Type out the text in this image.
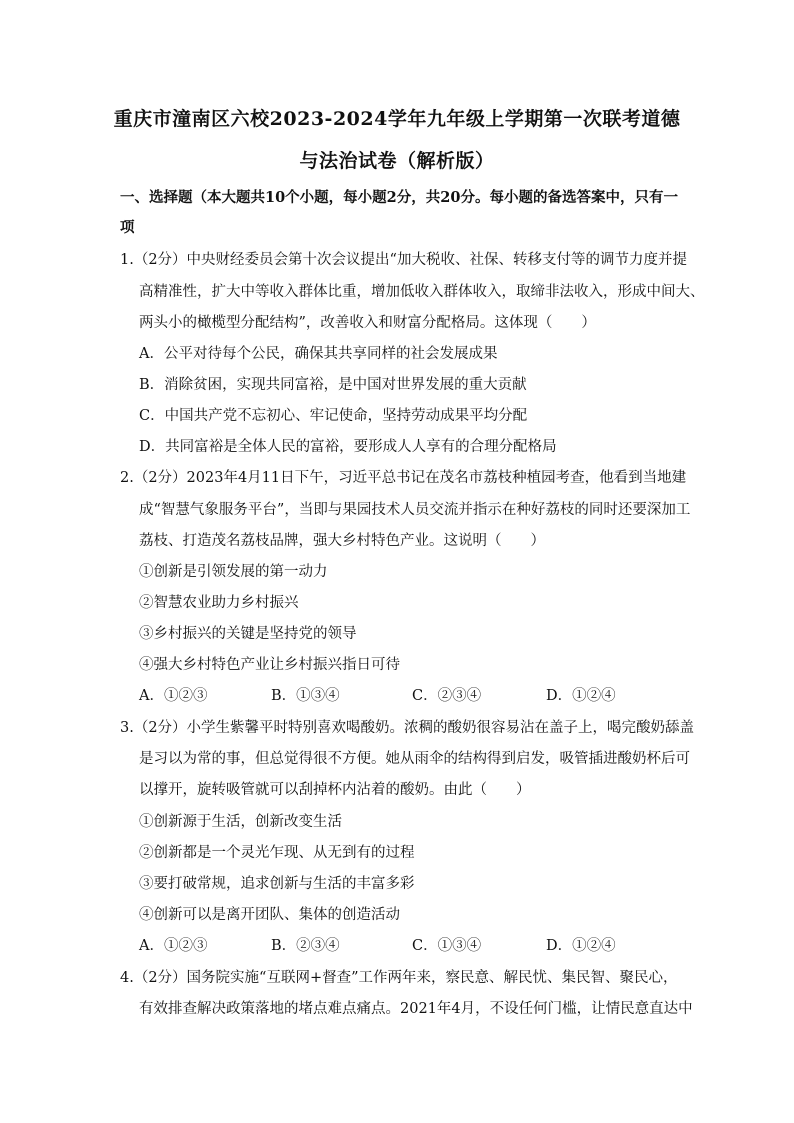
重庆市潼南区六校2023-2024学年九年级上学期第一次联考道德
与法治试卷（解析版）
一、选择题（本大题共10个小题，每小题2分，共20分。每小题的备选答案中，只有一
项
1.（2分）中央财经委员会第十次会议提出“加大税收、社保、转移支付等的调节力度并提
高精准性，扩大中等收入群体比重，增加低收入群体收入，取缔非法收入，形成中间大、
两头小的橄榄型分配结构”，改善收入和财富分配格局。这体现（　　）
A．公平对待每个公民，确保其共享同样的社会发展成果
B．消除贫困，实现共同富裕，是中国对世界发展的重大贡献
C．中国共产党不忘初心、牢记使命，坚持劳动成果平均分配
D．共同富裕是全体人民的富裕，要形成人人享有的合理分配格局
2.（2分）2023年4月11日下午，习近平总书记在茂名市荔枝种植园考查，他看到当地建
成“智慧气象服务平台”，当即与果园技术人员交流并指示在种好荔枝的同时还要深加工
荔枝、打造茂名荔枝品牌，强大乡村特色产业。这说明（　　）
①创新是引领发展的第一动力
②智慧农业助力乡村振兴
③乡村振兴的关键是坚持党的领导
④强大乡村特色产业让乡村振兴指日可待
A．①②③	B．①③④	C．②③④	D．①②④
3.（2分）小学生紫馨平时特别喜欢喝酸奶。浓稠的酸奶很容易沾在盖子上，喝完酸奶舔盖
是习以为常的事，但总觉得很不方便。她从雨伞的结构得到启发，吸管插进酸奶杯后可
以撑开，旋转吸管就可以刮掉杯内沾着的酸奶。由此（　　）
①创新源于生活，创新改变生活
②创新都是一个灵光乍现、从无到有的过程
③要打破常规，追求创新与生活的丰富多彩
④创新可以是离开团队、集体的创造活动
A．①②③	B．②③④	C．①③④	D．①②④
4.（2分）国务院实施“互联网+督查”工作两年来，察民意、解民忧、集民智、聚民心，
有效排查解决政策落地的堵点难点痛点。2021年4月，不设任何门槛，让情民意直达中
